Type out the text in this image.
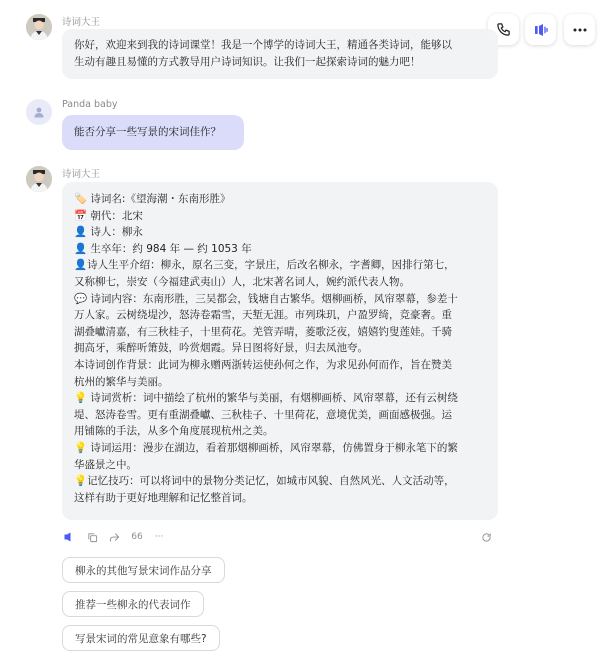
诗词大王
你好，欢迎来到我的诗词课堂！我是一个博学的诗词大王，精通各类诗词，能够以
生动有趣且易懂的方式教导用户诗词知识。让我们一起探索诗词的魅力吧！
Panda baby
能否分享一些写景的宋词佳作？
诗词大王
🏷️ 诗词名:《望海潮・东南形胜》
📅 朝代：北宋
👤 诗人：柳永
👤 生卒年：约 984 年 — 约 1053 年
👤诗人生平介绍：柳永，原名三变，字景庄，后改名柳永，字耆卿，因排行第七，
又称柳七，崇安（今福建武夷山）人，北宋著名词人，婉约派代表人物。
💬 诗词内容：东南形胜，三吴都会，钱塘自古繁华。烟柳画桥，风帘翠幕，参差十
万人家。云树绕堤沙，怒涛卷霜雪，天堑无涯。市列珠玑，户盈罗绮，竞豪奢。重
湖叠巘清嘉，有三秋桂子，十里荷花。羌管弄晴，菱歌泛夜，嬉嬉钓叟莲娃。千骑
拥高牙，乘醉听箫鼓，吟赏烟霞。异日图将好景，归去凤池夸。
本诗词创作背景：此词为柳永赠两浙转运使孙何之作，为求见孙何而作，旨在赞美
杭州的繁华与美丽。
💡 诗词赏析：词中描绘了杭州的繁华与美丽，有烟柳画桥、风帘翠幕，还有云树绕
堤、怒涛卷雪。更有重湖叠巘、三秋桂子、十里荷花，意境优美，画面感极强。运
用铺陈的手法，从多个角度展现杭州之美。
💡 诗词运用：漫步在湖边，看着那烟柳画桥，风帘翠幕，仿佛置身于柳永笔下的繁
华盛景之中。
💡记忆技巧：可以将词中的景物分类记忆，如城市风貌、自然风光、人文活动等，
这样有助于更好地理解和记忆整首词。
66 ···
柳永的其他写景宋词作品分享
推荐一些柳永的代表词作
写景宋词的常见意象有哪些?
